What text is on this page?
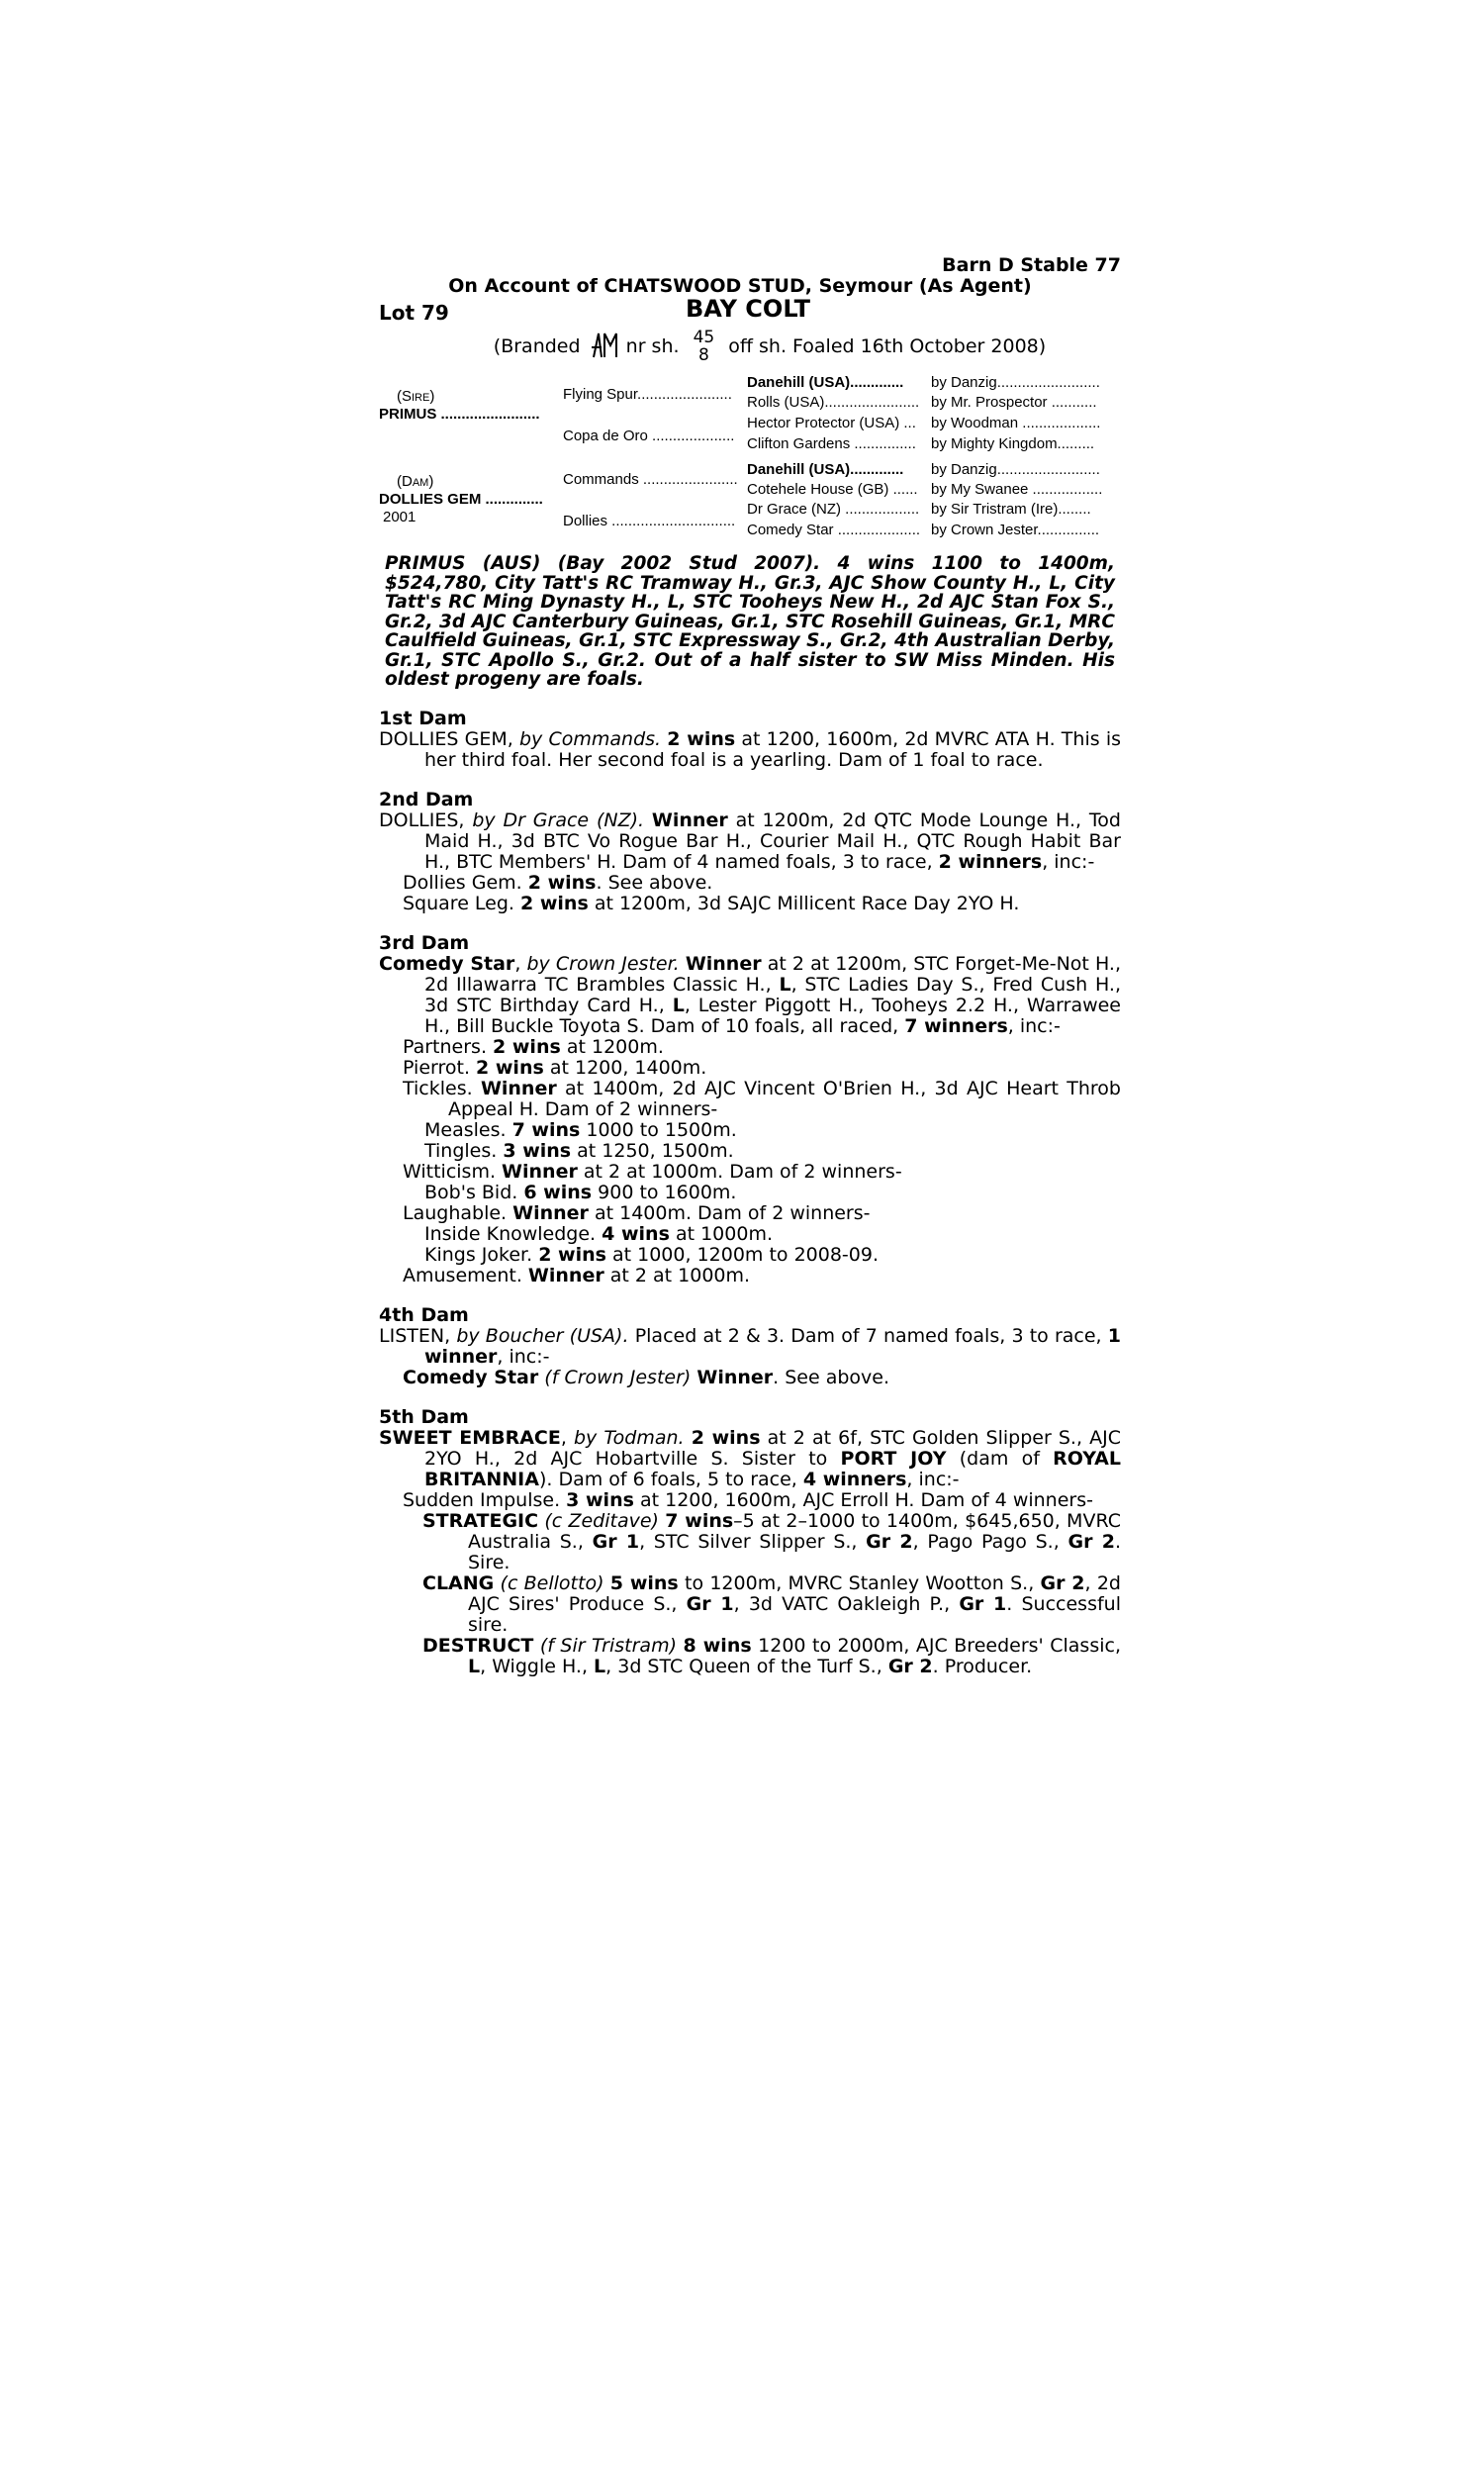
Barn D Stable 77
On Account of CHATSWOOD STUD, Seymour (As Agent)
Lot 79	BAY COLT
(Branded nr sh. 45
8 off sh. Foaled 16th October 2008)
(Sire)
PRIMUS ........................
(Dam)
DOLLIES GEM ..............
2001
Flying Spur.......................
Copa de Oro ....................
Commands .......................
Dollies ..............................
Danehill (USA).............
Rolls (USA).......................
Hector Protector (USA) ...
Clifton Gardens ...............
Danehill (USA).............
Cotehele House (GB) ......
Dr Grace (NZ) ..................
Comedy Star ....................
by Danzig.........................
by Mr. Prospector ...........
by Woodman ...................
by Mighty Kingdom.........
by Danzig.........................
by My Swanee .................
by Sir Tristram (Ire)........
by Crown Jester...............
PRIMUS (AUS) (Bay 2002 Stud 2007). 4 wins 1100 to 1400m, $524,780, City Tatt's RC Tramway H., Gr.3, AJC Show County H., L, City Tatt's RC Ming Dynasty H., L, STC Tooheys New H., 2d AJC Stan Fox S., Gr.2, 3d AJC Canterbury Guineas, Gr.1, STC Rosehill Guineas, Gr.1, MRC Caulfield Guineas, Gr.1, STC Expressway S., Gr.2, 4th Australian Derby, Gr.1, STC Apollo S., Gr.2. Out of a half sister to SW Miss Minden. His oldest progeny are foals.
1st Dam

DOLLIES GEM, by Commands. 2 wins at 1200, 1600m, 2d MVRC ATA H. This is her third foal. Her second foal is a yearling. Dam of 1 foal to race.

2nd Dam

DOLLIES, by Dr Grace (NZ). Winner at 1200m, 2d QTC Mode Lounge H., Tod Maid H., 3d BTC Vo Rogue Bar H., Courier Mail H., QTC Rough Habit Bar H., BTC Members' H. Dam of 4 named foals, 3 to race, 2 winners, inc:-

Dollies Gem. 2 wins. See above.

Square Leg. 2 wins at 1200m, 3d SAJC Millicent Race Day 2YO H.

3rd Dam

Comedy Star, by Crown Jester. Winner at 2 at 1200m, STC Forget-Me-Not H., 2d Illawarra TC Brambles Classic H., L, STC Ladies Day S., Fred Cush H., 3d STC Birthday Card H., L, Lester Piggott H., Tooheys 2.2 H., Warrawee H., Bill Buckle Toyota S. Dam of 10 foals, all raced, 7 winners, inc:-

Partners. 2 wins at 1200m.

Pierrot. 2 wins at 1200, 1400m.

Tickles. Winner at 1400m, 2d AJC Vincent O'Brien H., 3d AJC Heart Throb Appeal H. Dam of 2 winners-

Measles. 7 wins 1000 to 1500m.

Tingles. 3 wins at 1250, 1500m.

Witticism. Winner at 2 at 1000m. Dam of 2 winners-

Bob's Bid. 6 wins 900 to 1600m.

Laughable. Winner at 1400m. Dam of 2 winners-

Inside Knowledge. 4 wins at 1000m.

Kings Joker. 2 wins at 1000, 1200m to 2008-09.

Amusement. Winner at 2 at 1000m.

4th Dam

LISTEN, by Boucher (USA). Placed at 2 & 3. Dam of 7 named foals, 3 to race, 1 winner, inc:-

Comedy Star (f Crown Jester) Winner. See above.

5th Dam

SWEET EMBRACE, by Todman. 2 wins at 2 at 6f, STC Golden Slipper S., AJC 2YO H., 2d AJC Hobartville S. Sister to PORT JOY (dam of ROYAL BRITANNIA). Dam of 6 foals, 5 to race, 4 winners, inc:-

Sudden Impulse. 3 wins at 1200, 1600m, AJC Erroll H. Dam of 4 winners-

STRATEGIC (c Zeditave) 7 wins–5 at 2–1000 to 1400m, $645,650, MVRC Australia S., Gr 1, STC Silver Slipper S., Gr 2, Pago Pago S., Gr 2. Sire.

CLANG (c Bellotto) 5 wins to 1200m, MVRC Stanley Wootton S., Gr 2, 2d AJC Sires' Produce S., Gr 1, 3d VATC Oakleigh P., Gr 1. Successful sire.

DESTRUCT (f Sir Tristram) 8 wins 1200 to 2000m, AJC Breeders' Classic, L, Wiggle H., L, 3d STC Queen of the Turf S., Gr 2. Producer.
